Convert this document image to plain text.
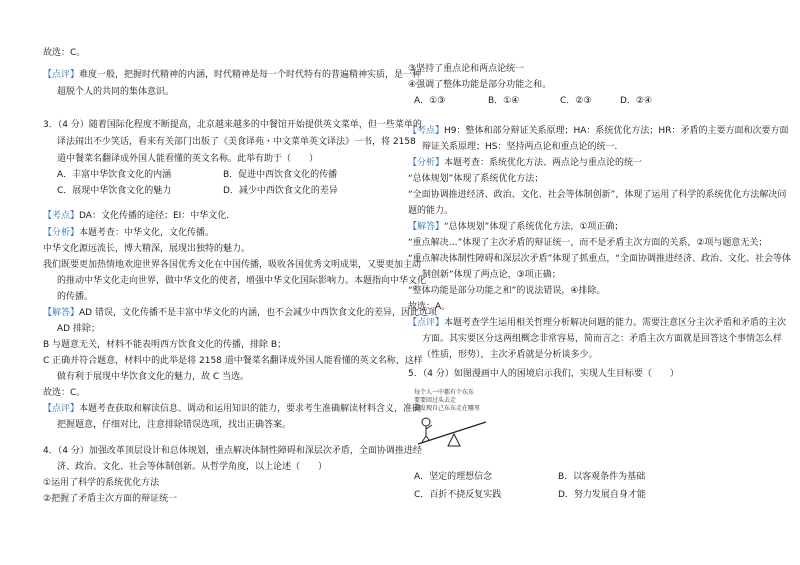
故选：C。
【点评】难度一般，把握时代精神的内涵，时代精神是每一个时代特有的普遍精神实质，是一种
超脱个人的共同的集体意识。
3．（4 分）随着国际化程度不断提高，北京越来越多的中餐馆开始提供英文菜单，但一些菜单的
译法闹出不少笑话，看来有关部门出版了《美食译苑・中文菜单英文译法》一书，将 2158
道中餐菜名翻译成外国人能看懂的英文名称。此举有助于（　　）
A．丰富中华饮食文化的内涵	B．促进中西饮食文化的传播
C．展现中华饮食文化的魅力	D．减少中西饮食文化的差异
【考点】DA：文化传播的途径；EI：中华文化．
【分析】本题考查：中华文化，文化传播。
中华文化源远流长，博大精深，展现出独特的魅力。
我们既要更加热情地欢迎世界各国优秀文化在中国传播，吸收各国优秀文明成果，又要更加主动
的推动中华文化走向世界，做中华文化的使者，增强中华文化国际影响力。本题指向中华文化
的传播。
【解答】AD 错误，文化传播不是丰富中华文化的内涵，也不会减少中西饮食文化的差异，因此选项
AD 排除；
B 与题意无关，材料不能表明西方饮食文化的传播，排除 B；
C 正确并符合题意，材料中的此举是将 2158 道中餐菜名翻译成外国人能看懂的英文名称，这样
做有利于展现中华饮食文化的魅力，故 C 当选。
故选：C。
【点评】本题考查获取和解读信息、调动和运用知识的能力，要求考生准确解读材料含义，准确
把握题意，仔细对比，注意排除错误选项，找出正确答案。
4．（4 分）加强改革顶层设计和总体规划，重点解决体制性障碍和深层次矛盾，全面协调推进经
济、政治、文化、社会等体制创新。从哲学角度，以上论述（　　）
①运用了科学的系统优化方法
②把握了矛盾主次方面的辩证统一
③坚持了重点论和两点论统一
④强调了整体功能是部分功能之和。
A．①③	B．①④	C．②③	D．②④
【考点】H9：整体和部分辩证关系原理；HA：系统优化方法；HR：矛盾的主要方面和次要方面
辩证关系原理；HS：坚持两点论和重点论的统一．
【分析】本题考查：系统优化方法、两点论与重点论的统一
“总体规划”体现了系统优化方法；
“全面协调推进经济、政治、文化、社会等体制创新”，体现了运用了科学的系统优化方法解决问
题的能力。
【解答】“总体规划”体现了系统优化方法，①项正确；
“重点解决…”体现了主次矛盾的辩证统一，而不是矛盾主次方面的关系，②项与题意无关；
“重点解决体制性障碍和深层次矛盾”体现了抓重点，“全面协调推进经济、政治、文化、社会等体
制创新”体现了两点论，③项正确；
“整体功能是部分功能之和”的说法错误，④排除。
故选：A。
【点评】本题考查学生运用相关哲理分析解决问题的能力。需要注意区分主次矛盾和矛盾的主次
方面。其实要区分这两组概念非常容易，简而言之：矛盾主次方面就是回答这个事情怎么样
（性质，形势），主次矛盾就是分析谈多少。
5．（4 分）如图漫画中人的困境启示我们，实现人生目标要（　　）
每个人一中都有个东东
要要回过头去走
却发现自己东东走在哪里
A．坚定的理想信念	B．以客观条件为基础
C．百折不挠反复实践	D．努力发展自身才能
